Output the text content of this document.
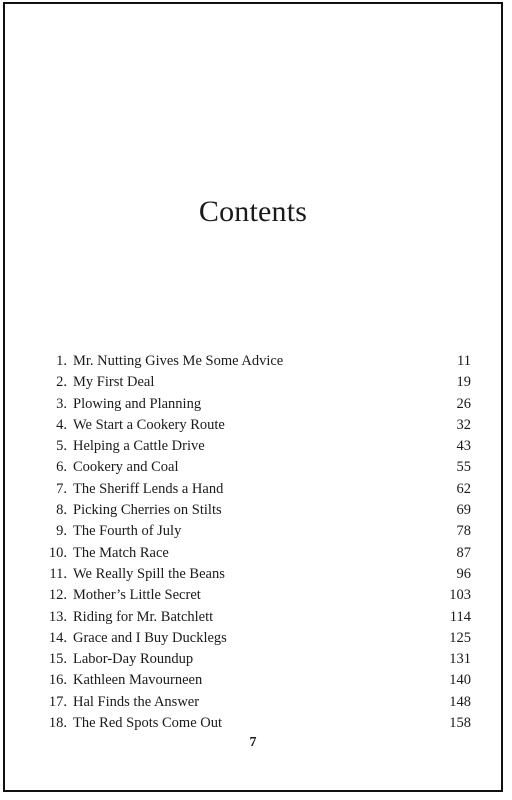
Contents
1. Mr. Nutting Gives Me Some Advice	11
2. My First Deal	19
3. Plowing and Planning	26
4. We Start a Cookery Route	32
5. Helping a Cattle Drive	43
6. Cookery and Coal	55
7. The Sheriff Lends a Hand	62
8. Picking Cherries on Stilts	69
9. The Fourth of July	78
10. The Match Race	87
11. We Really Spill the Beans	96
12. Mother’s Little Secret	103
13. Riding for Mr. Batchlett	114
14. Grace and I Buy Ducklegs	125
15. Labor-Day Roundup	131
16. Kathleen Mavourneen	140
17. Hal Finds the Answer	148
18. The Red Spots Come Out	158
7
